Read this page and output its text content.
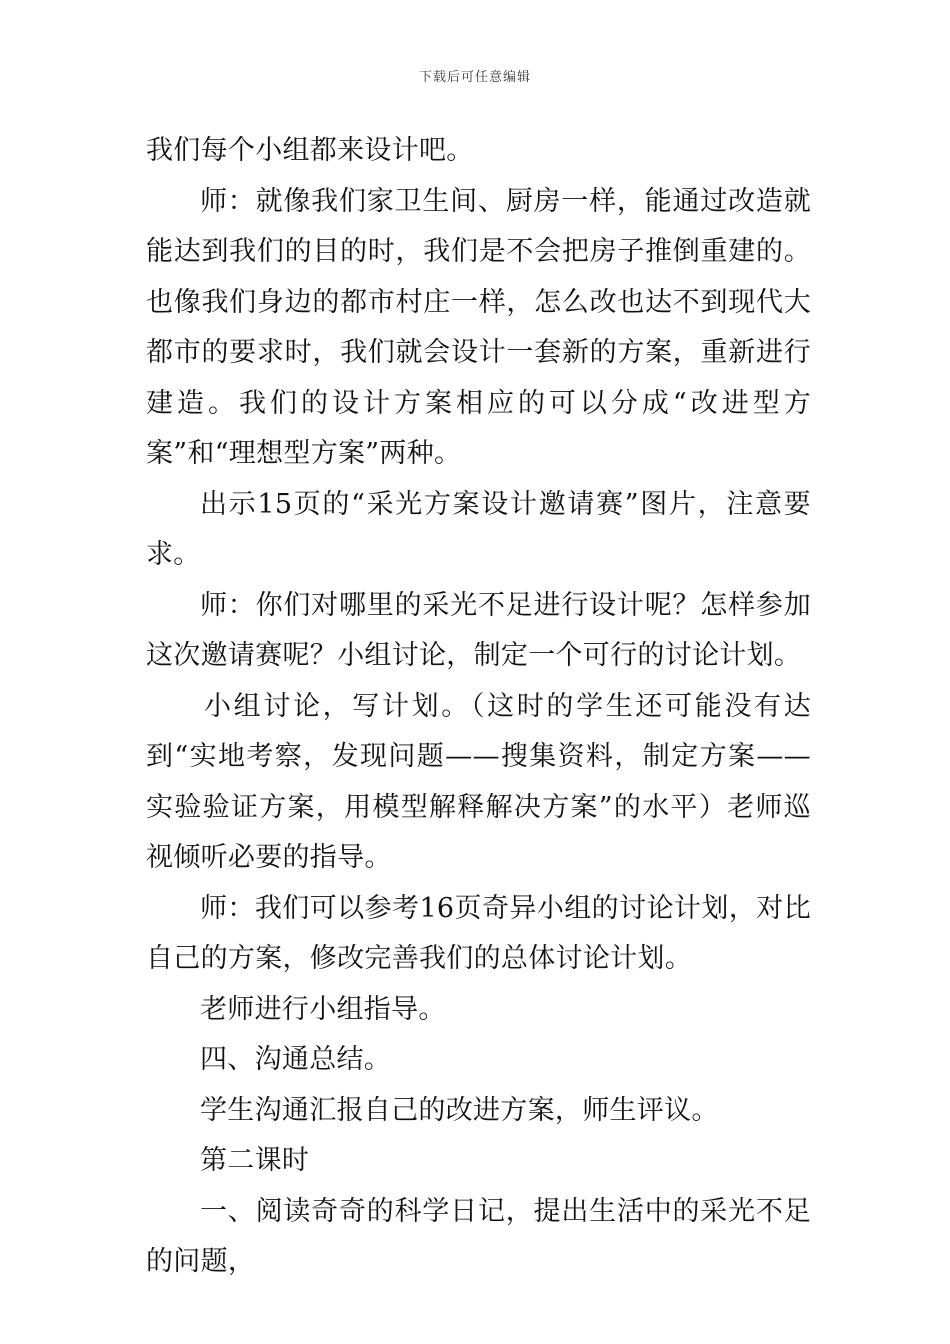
下载后可任意编辑

我们每个小组都来设计吧。

师：就像我们家卫生间、厨房一样，能通过改造就能达到我们的目的时，我们是不会把房子推倒重建的。也像我们身边的都市村庄一样，怎么改也达不到现代大都市的要求时，我们就会设计一套新的方案，重新进行建造。我们的设计方案相应的可以分成“改进型方案”和“理想型方案”两种。

出示15页的“采光方案设计邀请赛”图片，注意要求。

师：你们对哪里的采光不足进行设计呢？怎样参加这次邀请赛呢？小组讨论，制定一个可行的讨论计划。

小组讨论，写计划。（这时的学生还可能没有达到“实地考察，发现问题——搜集资料，制定方案——实验验证方案，用模型解释解决方案”的水平）老师巡视倾听必要的指导。

师：我们可以参考16页奇异小组的讨论计划，对比自己的方案，修改完善我们的总体讨论计划。

老师进行小组指导。

四、沟通总结。

学生沟通汇报自己的改进方案，师生评议。

第二课时

一、阅读奇奇的科学日记，提出生活中的采光不足的问题，
